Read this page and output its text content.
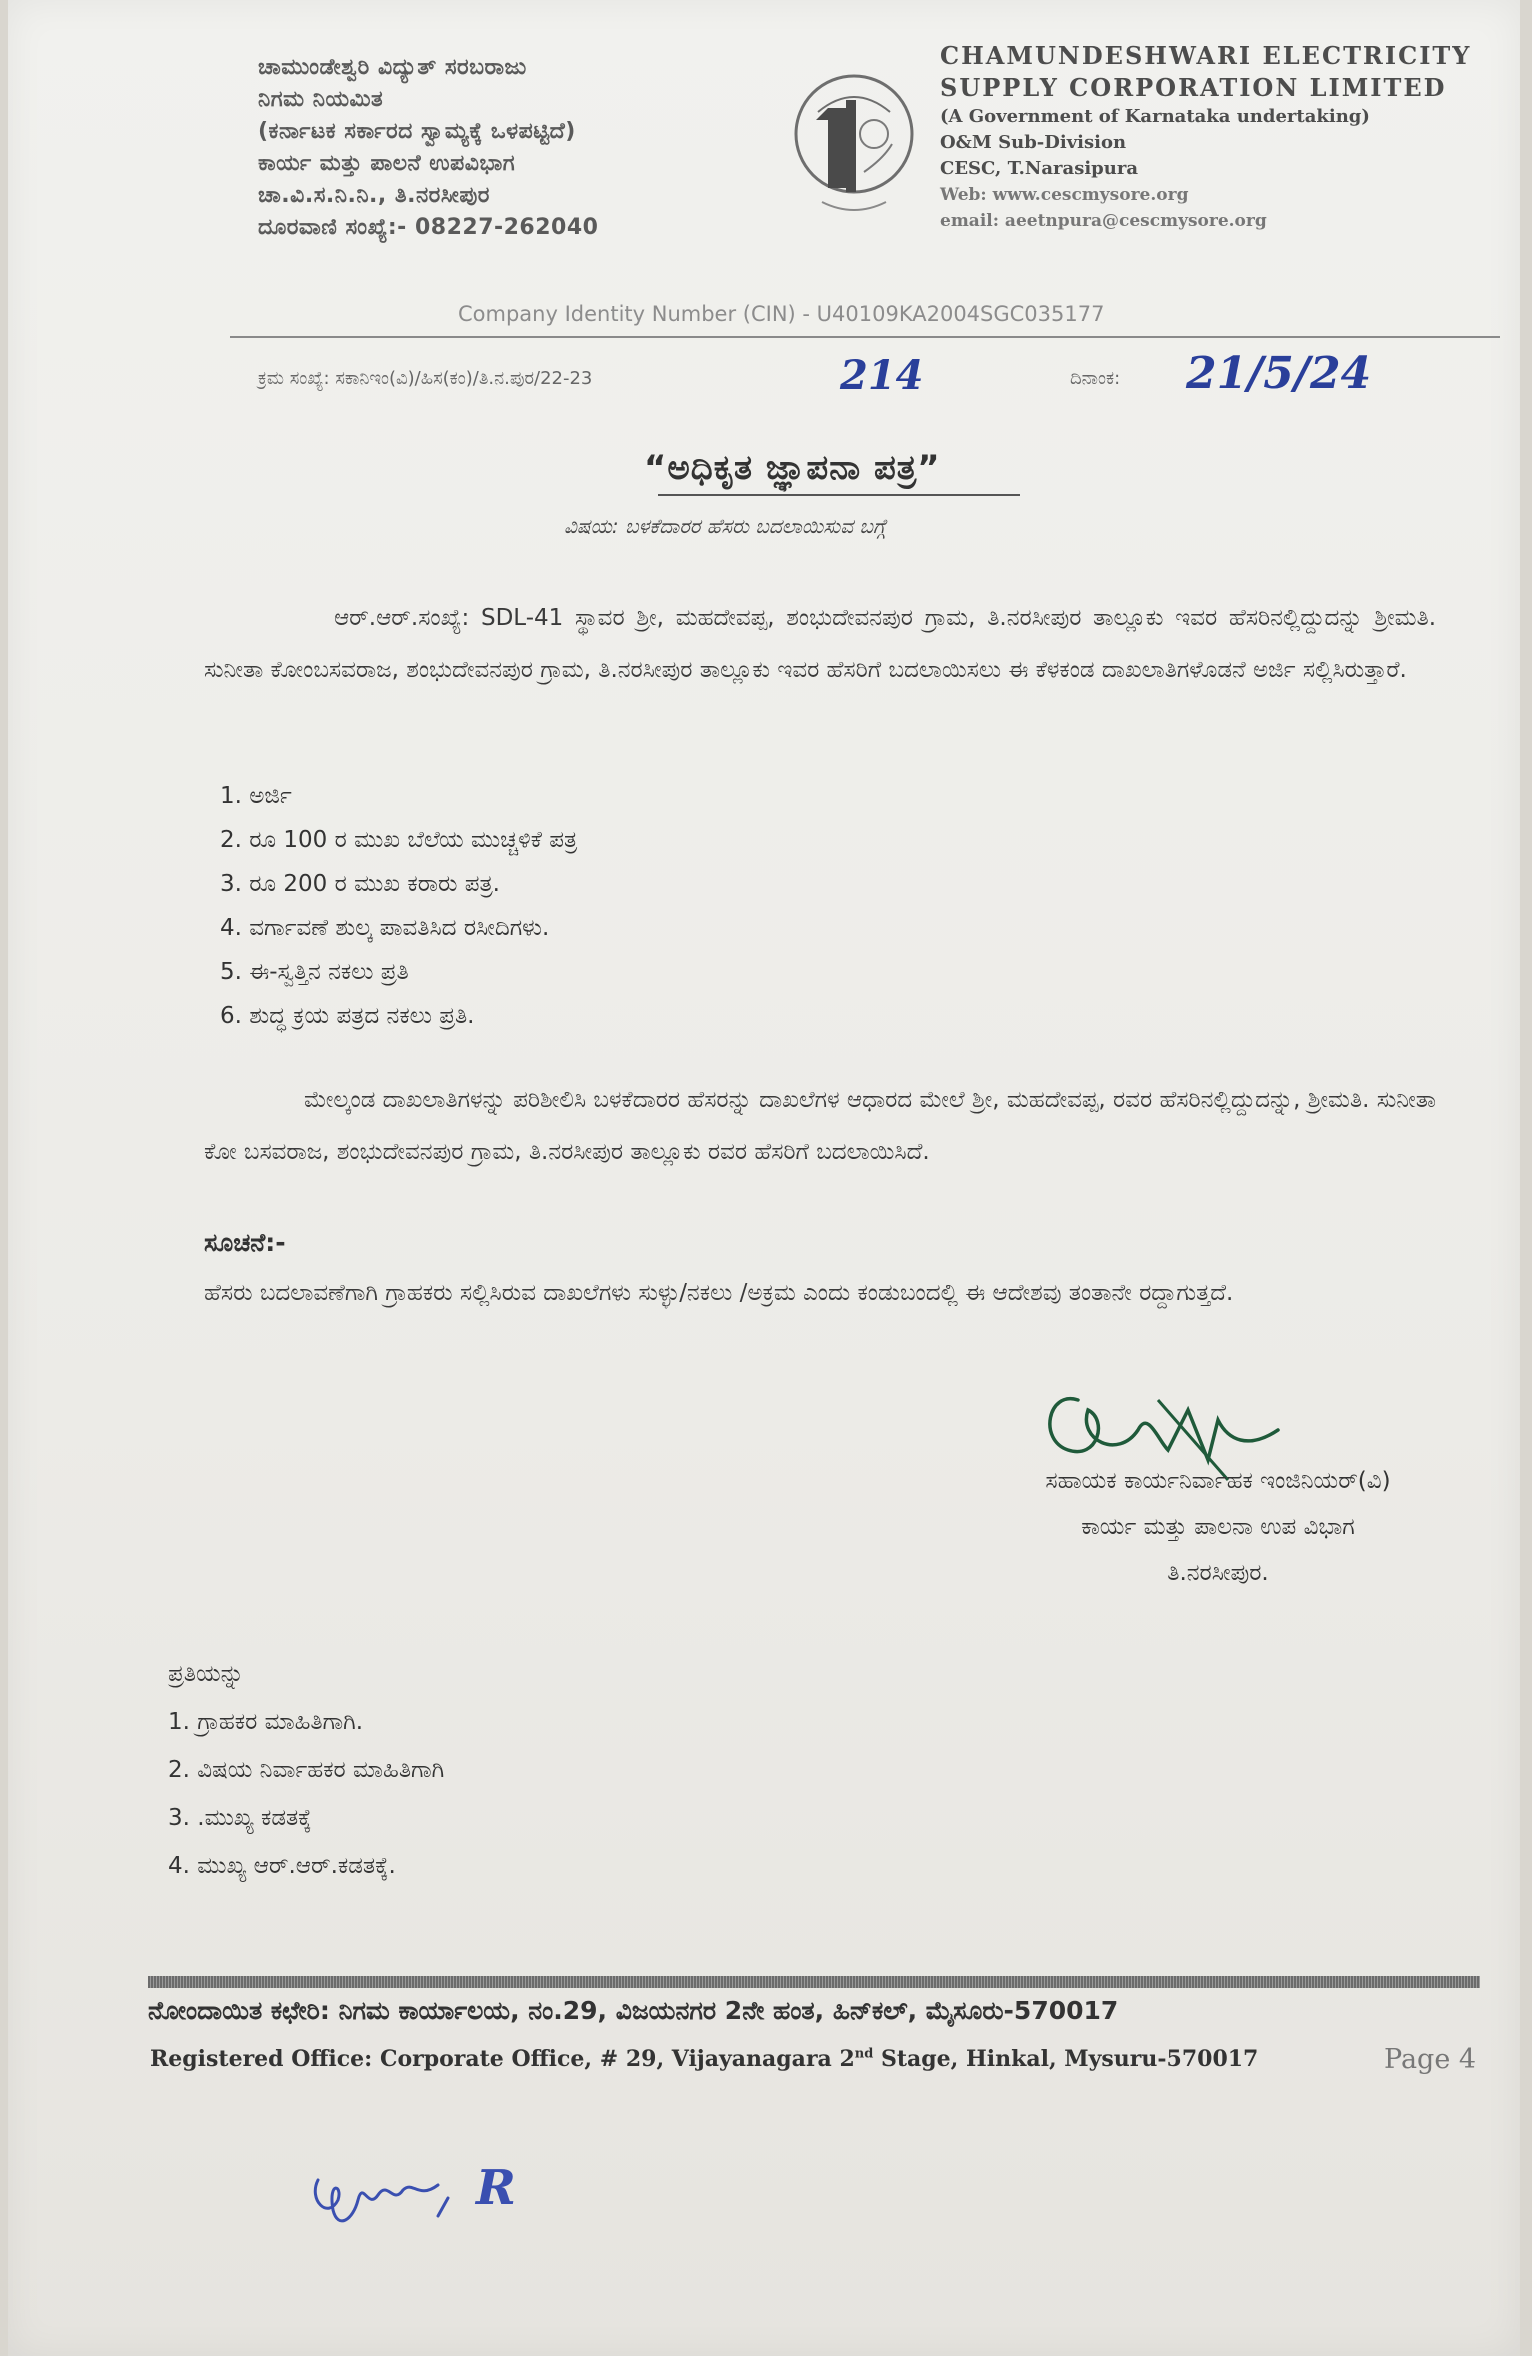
ಚಾಮುಂಡೇಶ್ವರಿ ವಿದ್ಯುತ್ ಸರಬರಾಜು
ನಿಗಮ ನಿಯಮಿತ
(ಕರ್ನಾಟಕ ಸರ್ಕಾರದ ಸ್ವಾಮ್ಯಕ್ಕೆ ಒಳಪಟ್ಟಿದೆ)
ಕಾರ್ಯ ಮತ್ತು ಪಾಲನೆ ಉಪವಿಭಾಗ
ಚಾ.ವಿ.ಸ.ನಿ.ನಿ., ತಿ.ನರಸೀಪುರ
ದೂರವಾಣಿ ಸಂಖ್ಯೆ:- 08227-262040
CHAMUNDESHWARI ELECTRICITY
SUPPLY CORPORATION LIMITED
(A Government of Karnataka undertaking)
O&M Sub-Division
CESC, T.Narasipura
Web: www.cescmysore.org
email: aeetnpura@cescmysore.org
Company Identity Number (CIN) - U40109KA2004SGC035177
ಕ್ರಮ ಸಂಖ್ಯೆ: ಸಕಾನಿಇಂ(ವಿ)/ಹಿಸ(ಕಂ)/ತಿ.ನ.ಪುರ/22-23	214	ದಿನಾಂಕ: 21/5/24
“ಅಧಿಕೃತ ಜ್ಞಾಪನಾ ಪತ್ರ”
ವಿಷಯ: ಬಳಕೆದಾರರ ಹೆಸರು ಬದಲಾಯಿಸುವ ಬಗ್ಗೆ
ಆರ್.ಆರ್.ಸಂಖ್ಯೆ: SDL-41 ಸ್ಥಾವರ ಶ್ರೀ, ಮಹದೇವಪ್ಪ, ಶಂಭುದೇವನಪುರ ಗ್ರಾಮ, ತಿ.ನರಸೀಪುರ ತಾಲ್ಲೂಕು ಇವರ ಹೆಸರಿನಲ್ಲಿದ್ದುದನ್ನು ಶ್ರೀಮತಿ. ಸುನೀತಾ ಕೋಂಬಸವರಾಜ, ಶಂಭುದೇವನಪುರ ಗ್ರಾಮ, ತಿ.ನರಸೀಪುರ ತಾಲ್ಲೂಕು ಇವರ ಹೆಸರಿಗೆ ಬದಲಾಯಿಸಲು ಈ ಕೆಳಕಂಡ ದಾಖಲಾತಿಗಳೊಡನೆ ಅರ್ಜಿ ಸಲ್ಲಿಸಿರುತ್ತಾರೆ.
1. ಅರ್ಜಿ
2. ರೂ 100 ರ ಮುಖ ಬೆಲೆಯ ಮುಚ್ಚಳಿಕೆ ಪತ್ರ
3. ರೂ 200 ರ ಮುಖ ಕರಾರು ಪತ್ರ.
4. ವರ್ಗಾವಣೆ ಶುಲ್ಕ ಪಾವತಿಸಿದ ರಸೀದಿಗಳು.
5. ಈ-ಸ್ವತ್ತಿನ ನಕಲು ಪ್ರತಿ
6. ಶುದ್ಧ ಕ್ರಯ ಪತ್ರದ ನಕಲು ಪ್ರತಿ.
ಮೇಲ್ಕಂಡ ದಾಖಲಾತಿಗಳನ್ನು ಪರಿಶೀಲಿಸಿ ಬಳಕೆದಾರರ ಹೆಸರನ್ನು ದಾಖಲೆಗಳ ಆಧಾರದ ಮೇಲೆ ಶ್ರೀ, ಮಹದೇವಪ್ಪ, ರವರ ಹೆಸರಿನಲ್ಲಿದ್ದುದನ್ನು, ಶ್ರೀಮತಿ. ಸುನೀತಾ ಕೋ ಬಸವರಾಜ, ಶಂಭುದೇವನಪುರ ಗ್ರಾಮ, ತಿ.ನರಸೀಪುರ ತಾಲ್ಲೂಕು ರವರ ಹೆಸರಿಗೆ ಬದಲಾಯಿಸಿದೆ.
ಸೂಚನೆ:-
ಹೆಸರು ಬದಲಾವಣೆಗಾಗಿ ಗ್ರಾಹಕರು ಸಲ್ಲಿಸಿರುವ ದಾಖಲೆಗಳು ಸುಳ್ಳು/ನಕಲು /ಅಕ್ರಮ ಎಂದು ಕಂಡುಬಂದಲ್ಲಿ ಈ ಆದೇಶವು ತಂತಾನೇ ರದ್ದಾಗುತ್ತದೆ.
ಸಹಾಯಕ ಕಾರ್ಯನಿರ್ವಾಹಕ ಇಂಜಿನಿಯರ್(ವಿ)
ಕಾರ್ಯ ಮತ್ತು ಪಾಲನಾ ಉಪ ವಿಭಾಗ
ತಿ.ನರಸೀಪುರ.
ಪ್ರತಿಯನ್ನು
1. ಗ್ರಾಹಕರ ಮಾಹಿತಿಗಾಗಿ.
2. ವಿಷಯ ನಿರ್ವಾಹಕರ ಮಾಹಿತಿಗಾಗಿ
3. .ಮುಖ್ಯ ಕಡತಕ್ಕೆ
4. ಮುಖ್ಯ ಆರ್.ಆರ್.ಕಡತಕ್ಕೆ.
ನೋಂದಾಯಿತ ಕಛೇರಿ: ನಿಗಮ ಕಾರ್ಯಾಲಯ, ನಂ.29, ವಿಜಯನಗರ 2ನೇ ಹಂತ, ಹಿನ್‌ಕಲ್, ಮೈಸೂರು-570017
Registered Office: Corporate Office, # 29, Vijayanagara 2nd Stage, Hinkal, Mysuru-570017	Page 4
R
